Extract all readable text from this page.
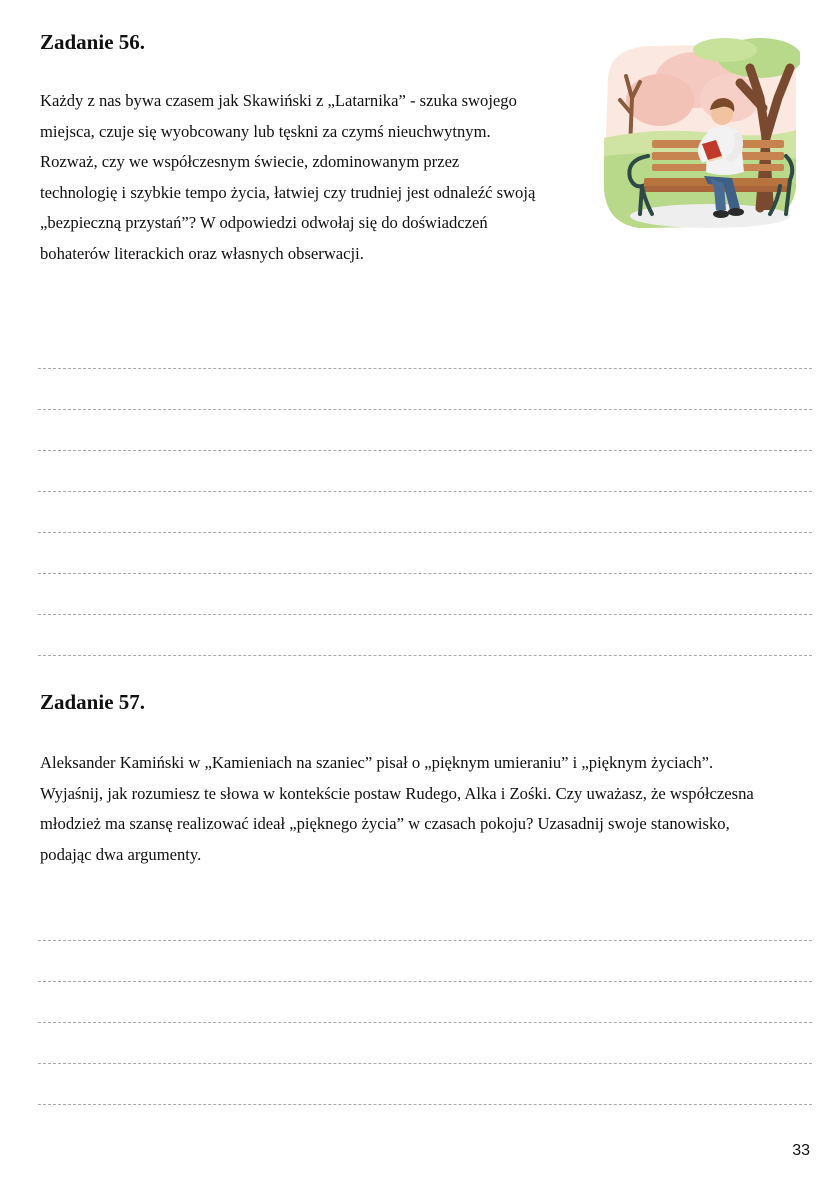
Zadanie 56.
Każdy z nas bywa czasem jak Skawiński z „Latarnika” - szuka swojego
miejsca, czuje się wyobcowany lub tęskni za czymś nieuchwytnym.
Rozważ, czy we współczesnym świecie, zdominowanym przez
technologię i szybkie tempo życia, łatwiej czy trudniej jest odnaleźć swoją
„bezpieczną przystań”? W odpowiedzi odwołaj się do doświadczeń
bohaterów literackich oraz własnych obserwacji.
Zadanie 57.
Aleksander Kamiński w „Kamieniach na szaniec” pisał o „pięknym umieraniu” i „pięknym życiach”.
Wyjaśnij, jak rozumiesz te słowa w kontekście postaw Rudego, Alka i Zośki. Czy uważasz, że współczesna
młodzież ma szansę realizować ideał „pięknego życia” w czasach pokoju? Uzasadnij swoje stanowisko,
podając dwa argumenty.
33
